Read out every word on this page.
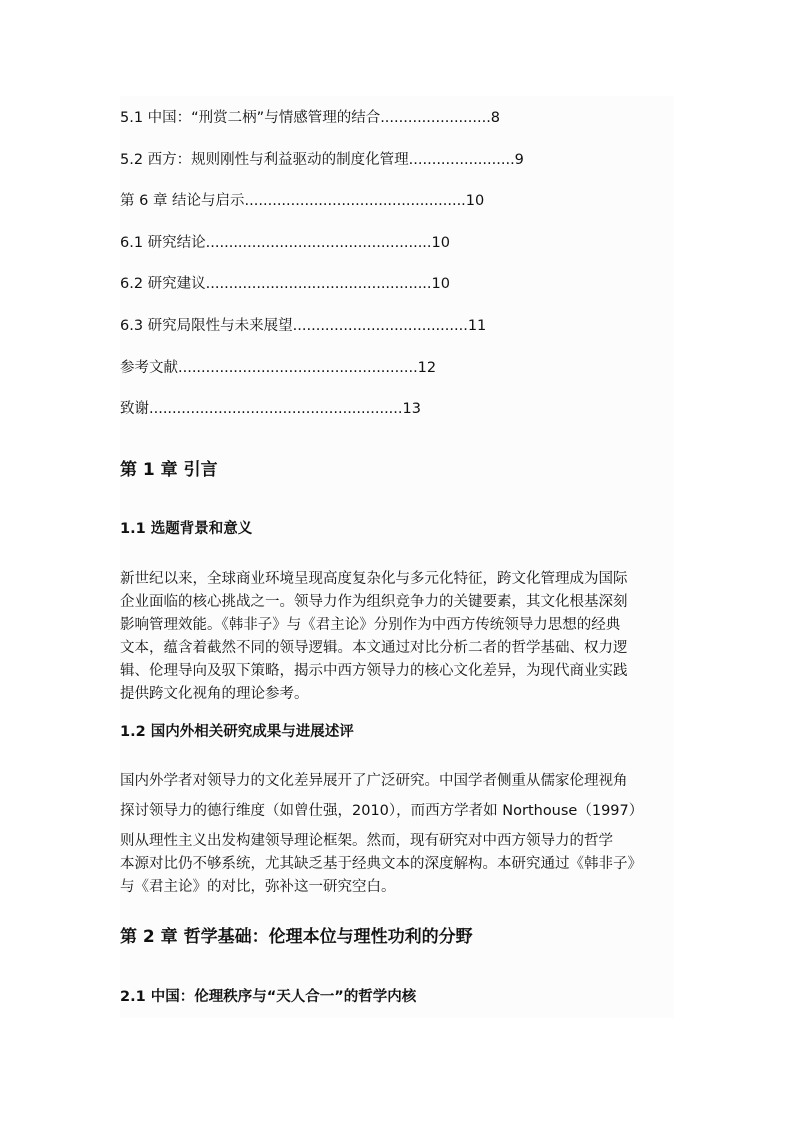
5.1 中国：“刑赏二柄”与情感管理的结合........................8
5.2 西方：规则刚性与利益驱动的制度化管理.......................9
第 6 章 结论与启示................................................10
6.1 研究结论.................................................10
6.2 研究建议.................................................10
6.3 研究局限性与未来展望......................................11
参考文献....................................................12
致谢.......................................................13
第 1 章 引言
1.1 选题背景和意义
新世纪以来，全球商业环境呈现高度复杂化与多元化特征，跨文化管理成为国际
企业面临的核心挑战之一。领导力作为组织竞争力的关键要素，其文化根基深刻
影响管理效能。《韩非子》与《君主论》分别作为中西方传统领导力思想的经典
文本，蕴含着截然不同的领导逻辑。本文通过对比分析二者的哲学基础、权力逻
辑、伦理导向及驭下策略，揭示中西方领导力的核心文化差异，为现代商业实践
提供跨文化视角的理论参考。
1.2 国内外相关研究成果与进展述评
国内外学者对领导力的文化差异展开了广泛研究。中国学者侧重从儒家伦理视角
探讨领导力的德行维度（如曾仕强，2010），而西方学者如 Northouse（1997）
则从理性主义出发构建领导理论框架。然而，现有研究对中西方领导力的哲学
本源对比仍不够系统，尤其缺乏基于经典文本的深度解构。本研究通过《韩非子》
与《君主论》的对比，弥补这一研究空白。
第 2 章 哲学基础：伦理本位与理性功利的分野
2.1 中国：伦理秩序与“天人合一”的哲学内核
